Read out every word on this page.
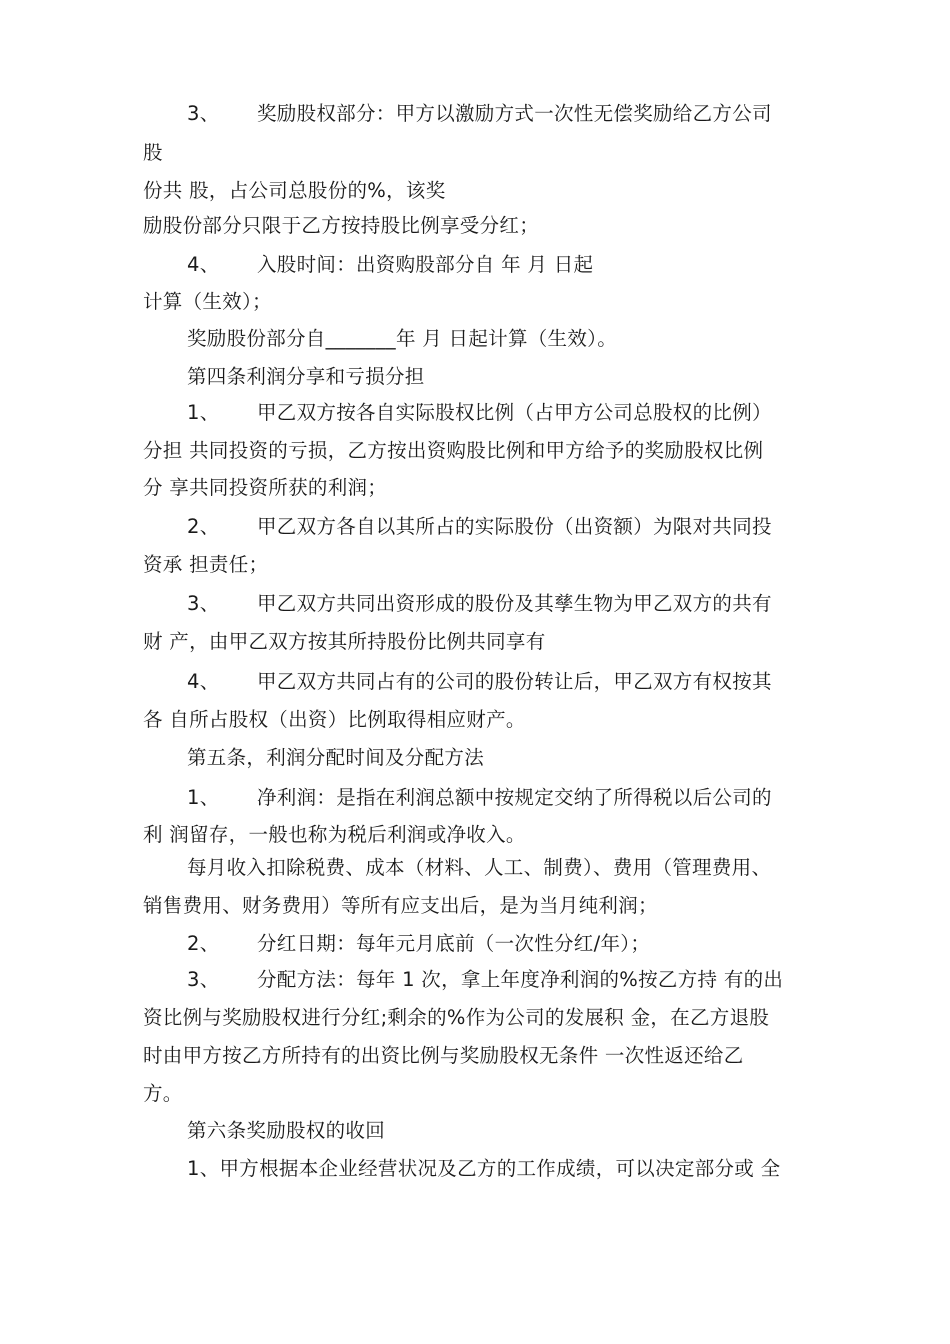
3、 奖励股权部分：甲方以激励方式一次性无偿奖励给乙方公司
股
份共 股，占公司总股份的%，该奖
励股份部分只限于乙方按持股比例享受分红；
4、 入股时间：出资购股部分自 年 月 日起
计算（生效）；
奖励股份部分自_______年 月 日起计算（生效）。
第四条利润分享和亏损分担
1、 甲乙双方按各自实际股权比例（占甲方公司总股权的比例）
分担 共同投资的亏损，乙方按出资购股比例和甲方给予的奖励股权比例
分 享共同投资所获的利润；
2、 甲乙双方各自以其所占的实际股份（出资额）为限对共同投
资承 担责任；
3、 甲乙双方共同出资形成的股份及其孳生物为甲乙双方的共有
财 产，由甲乙双方按其所持股份比例共同享有
4、 甲乙双方共同占有的公司的股份转让后，甲乙双方有权按其
各 自所占股权（出资）比例取得相应财产。
第五条，利润分配时间及分配方法
1、 净利润：是指在利润总额中按规定交纳了所得税以后公司的
利 润留存，一般也称为税后利润或净收入。
每月收入扣除税费、成本（材料、人工、制费）、费用（管理费用、
销售费用、财务费用）等所有应支出后，是为当月纯利润；
2、 分红日期：每年元月底前（一次性分红/年）；
3、 分配方法：每年 1 次，拿上年度净利润的%按乙方持 有的出
资比例与奖励股权进行分红;剩余的%作为公司的发展积 金，在乙方退股
时由甲方按乙方所持有的出资比例与奖励股权无条件 一次性返还给乙
方。
第六条奖励股权的收回
1、甲方根据本企业经营状况及乙方的工作成绩，可以决定部分或 全
